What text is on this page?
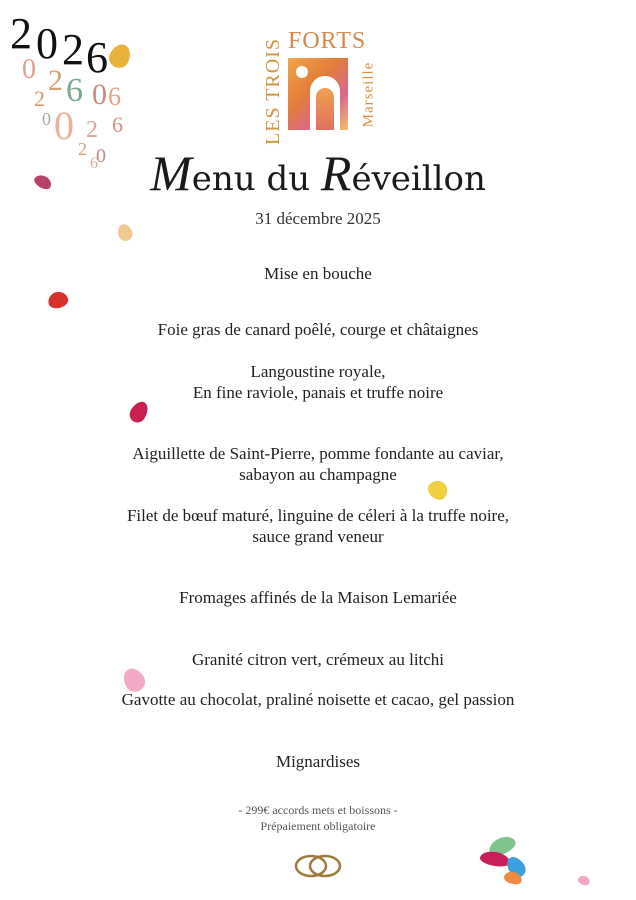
2 0 2 6
0 2 6 0
2 6
0 2 6
0
2 0
6
LES TROIS FORTS
Marseille
Menu du Réveillon
31 décembre 2025
Mise en bouche
Foie gras de canard poêlé, courge et châtaignes
Langoustine royale,
En fine raviole, panais et truffe noire
Aiguillette de Saint-Pierre, pomme fondante au caviar,
sabayon au champagne
Filet de bœuf maturé, linguine de céleri à la truffe noire,
sauce grand veneur
Fromages affinés de la Maison Lemariée
Granité citron vert, crémeux au litchi
Gavotte au chocolat, praliné noisette et cacao, gel passion
Mignardises
- 299€ accords mets et boissons -
Prépaiement obligatoire
